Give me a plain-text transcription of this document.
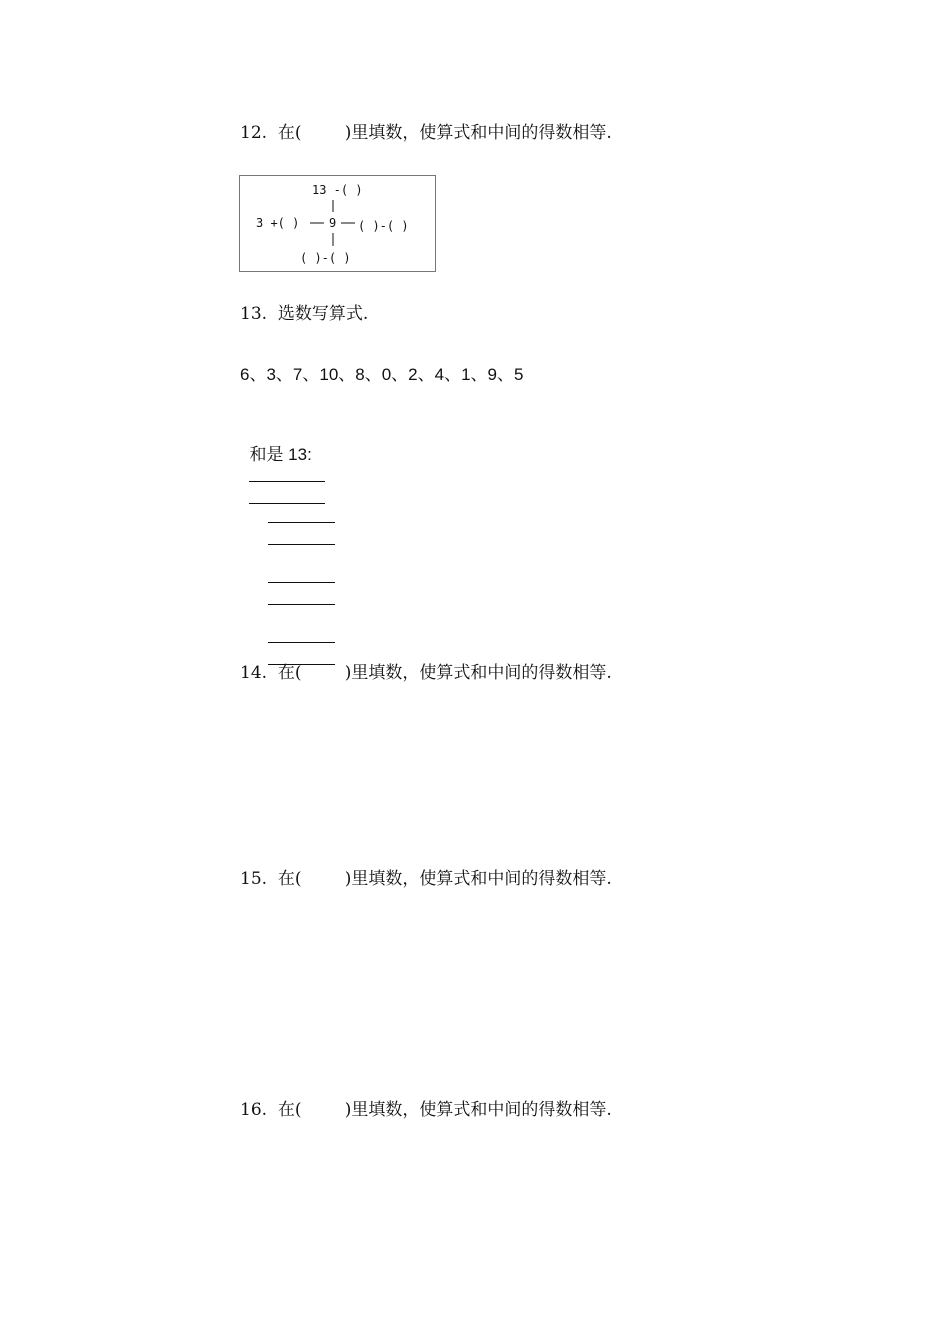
12.  在(        )里填数，使算式和中间的得数相等.
13 -( )
3 +( ) 9 ( )-( )
( )-( )
13.  选数写算式.
6、3、7、10、8、0、2、4、1、9、5

和是 13:

14.  在(        )里填数，使算式和中间的得数相等.
15.  在(        )里填数，使算式和中间的得数相等.
16.  在(        )里填数，使算式和中间的得数相等.
